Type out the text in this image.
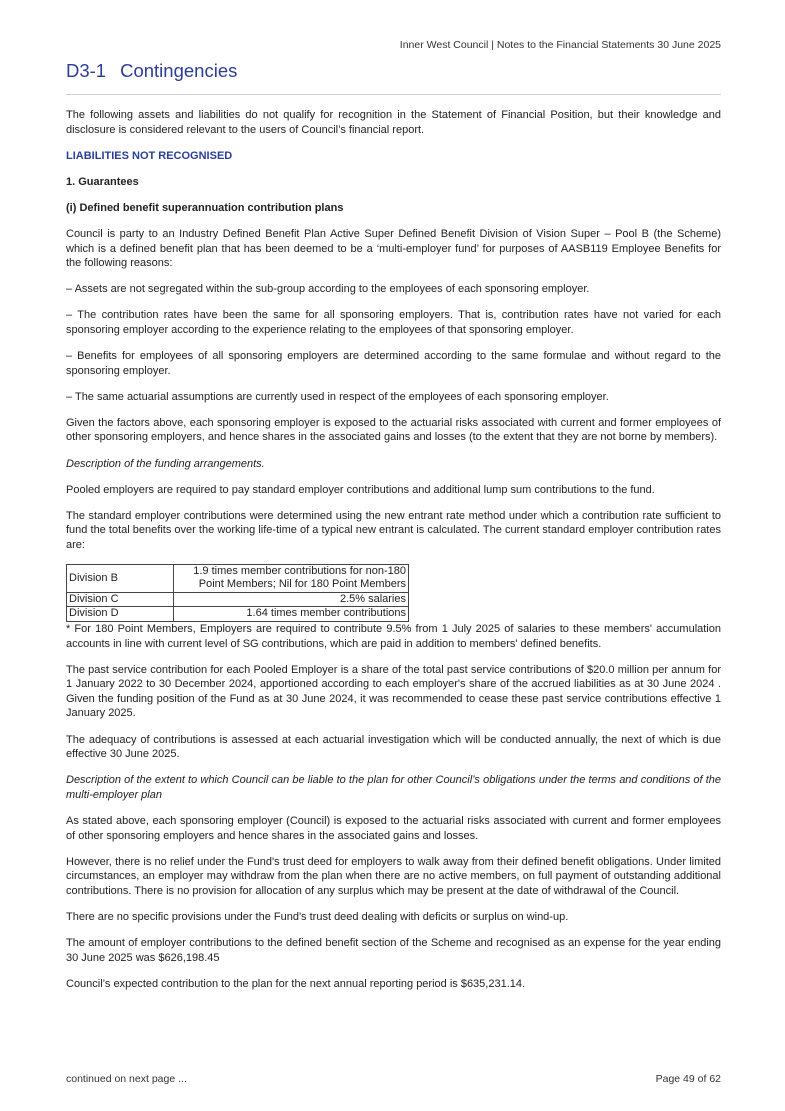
Inner West Council | Notes to the Financial Statements 30 June 2025
D3-1 Contingencies

The following assets and liabilities do not qualify for recognition in the Statement of Financial Position, but their knowledge and disclosure is considered relevant to the users of Council’s financial report.

LIABILITIES NOT RECOGNISED

1. Guarantees

(i) Defined benefit superannuation contribution plans

Council is party to an Industry Defined Benefit Plan Active Super Defined Benefit Division of Vision Super – Pool B (the Scheme) which is a defined benefit plan that has been deemed to be a ‘multi-employer fund’ for purposes of AASB119 Employee Benefits for the following reasons:

– Assets are not segregated within the sub-group according to the employees of each sponsoring employer.

– The contribution rates have been the same for all sponsoring employers. That is, contribution rates have not varied for each sponsoring employer according to the experience relating to the employees of that sponsoring employer.

– Benefits for employees of all sponsoring employers are determined according to the same formulae and without regard to the sponsoring employer.

– The same actuarial assumptions are currently used in respect of the employees of each sponsoring employer.

Given the factors above, each sponsoring employer is exposed to the actuarial risks associated with current and former employees of other sponsoring employers, and hence shares in the associated gains and losses (to the extent that they are not borne by members).

Description of the funding arrangements.

Pooled employers are required to pay standard employer contributions and additional lump sum contributions to the fund.

The standard employer contributions were determined using the new entrant rate method under which a contribution rate sufficient to fund the total benefits over the working life-time of a typical new entrant is calculated. The current standard employer contribution rates are:

Division B	1.9 times member contributions for non-180
Point Members; Nil for 180 Point Members
Division C	2.5% salaries
Division D	1.64 times member contributions

* For 180 Point Members, Employers are required to contribute 9.5% from 1 July 2025 of salaries to these members' accumulation accounts in line with current level of SG contributions, which are paid in addition to members' defined benefits.

The past service contribution for each Pooled Employer is a share of the total past service contributions of $20.0 million per annum for 1 January 2022 to 30 December 2024, apportioned according to each employer's share of the accrued liabilities as at 30 June 2024 . Given the funding position of the Fund as at 30 June 2024, it was recommended to cease these past service contributions effective 1 January 2025.

The adequacy of contributions is assessed at each actuarial investigation which will be conducted annually, the next of which is due effective 30 June 2025.

Description of the extent to which Council can be liable to the plan for other Council’s obligations under the terms and conditions of the multi-employer plan

As stated above, each sponsoring employer (Council) is exposed to the actuarial risks associated with current and former employees of other sponsoring employers and hence shares in the associated gains and losses.

However, there is no relief under the Fund's trust deed for employers to walk away from their defined benefit obligations. Under limited circumstances, an employer may withdraw from the plan when there are no active members, on full payment of outstanding additional contributions. There is no provision for allocation of any surplus which may be present at the date of withdrawal of the Council.

There are no specific provisions under the Fund's trust deed dealing with deficits or surplus on wind-up.

The amount of employer contributions to the defined benefit section of the Scheme and recognised as an expense for the year ending 30 June 2025 was $626,198.45

Council’s expected contribution to the plan for the next annual reporting period is $635,231.14.

continued on next page ...	Page 49 of 62
